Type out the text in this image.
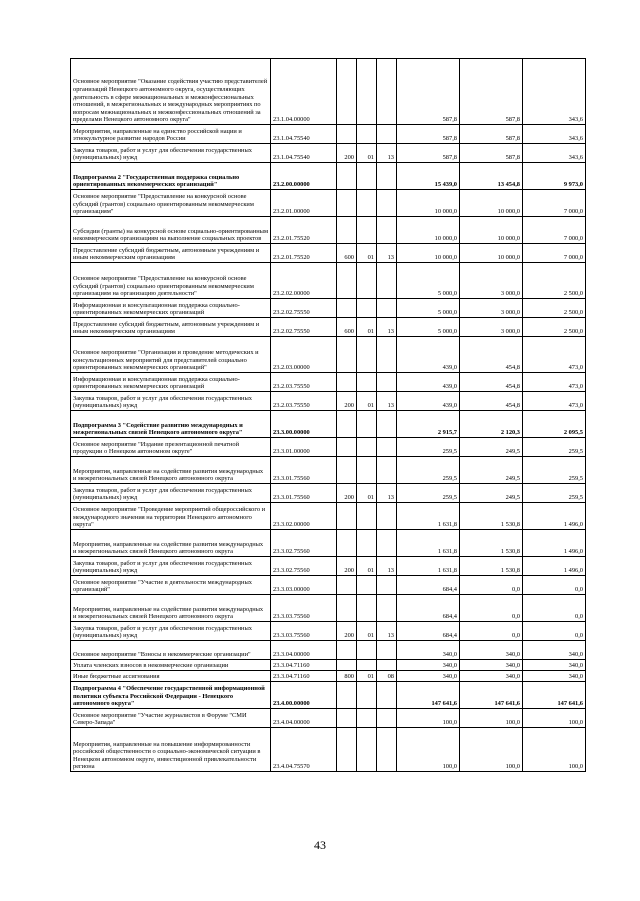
Основное мероприятие "Оказание содействия участию представителей организаций Ненецкого автономного округа, осуществляющих деятельность в сфере межнациональных и межконфессиональных отношений, в межрегиональных и международных мероприятиях по вопросам межнациональных и межконфессиональных отношений за пределами Ненецкого автономного округа"	23.1.04.00000				587,8	587,8	343,6
Мероприятия, направленные на единство российской нации и этнокультурное развитие народов России	23.1.04.75540				587,8	587,8	343,6
Закупка товаров, работ и услуг для обеспечения государственных (муниципальных) нужд	23.1.04.75540	200	01	13	587,8	587,8	343,6
Подпрограмма 2 "Государственная поддержка социально ориентированных некоммерческих организаций"	23.2.00.00000				15 439,0	13 454,8	9 973,0
Основное мероприятие "Предоставление на конкурсной основе субсидий (грантов) социально ориентированным некоммерческим организациям"	23.2.01.00000				10 000,0	10 000,0	7 000,0
Субсидии (гранты) на конкурсной основе социально-ориентированным некоммерческим организациям на выполнение социальных проектов	23.2.01.75520				10 000,0	10 000,0	7 000,0
Предоставление субсидий бюджетным, автономным учреждениям и иным некоммерческим организациям	23.2.01.75520	600	01	13	10 000,0	10 000,0	7 000,0
Основное мероприятие "Предоставление на конкурсной основе субсидий (грантов) социально ориентированным некоммерческим организациям на организацию деятельности"	23.2.02.00000				5 000,0	3 000,0	2 500,0
Информационная и консультационная поддержка социально-ориентированных некоммерческих организаций	23.2.02.75550				5 000,0	3 000,0	2 500,0
Предоставление субсидий бюджетным, автономным учреждениям и иным некоммерческим организациям	23.2.02.75550	600	01	13	5 000,0	3 000,0	2 500,0
Основное мероприятие "Организация и проведение методических и консультационных мероприятий для представителей социально ориентированных некоммерческих организаций"	23.2.03.00000				439,0	454,8	473,0
Информационная и консультационная поддержка социально-ориентированных некоммерческих организаций	23.2.03.75550				439,0	454,8	473,0
Закупка товаров, работ и услуг для обеспечения государственных (муниципальных) нужд	23.2.03.75550	200	01	13	439,0	454,8	473,0
Подпрограмма 3 "Содействие развитию международных и межрегиональных связей Ненецкого автономного округа"	23.3.00.00000				2 915,7	2 120,3	2 095,5
Основное мероприятие "Издание презентационной печатной продукции о Ненецком автономном округе"	23.3.01.00000				259,5	249,5	259,5
Мероприятия, направленные на содействие развития международных и межрегиональных связей Ненецкого автономного округа	23.3.01.75560				259,5	249,5	259,5
Закупка товаров, работ и услуг для обеспечения государственных (муниципальных) нужд	23.3.01.75560	200	01	13	259,5	249,5	259,5
Основное мероприятие "Проведение мероприятий общероссийского и международного значения на территории Ненецкого автономного округа"	23.3.02.00000				1 631,8	1 530,8	1 496,0
Мероприятия, направленные на содействие развития международных и межрегиональных связей Ненецкого автономного округа	23.3.02.75560				1 631,8	1 530,8	1 496,0
Закупка товаров, работ и услуг для обеспечения государственных (муниципальных) нужд	23.3.02.75560	200	01	13	1 631,8	1 530,8	1 496,0
Основное мероприятие "Участие в деятельности международных организаций"	23.3.03.00000				684,4	0,0	0,0
Мероприятия, направленные на содействие развития международных и межрегиональных связей Ненецкого автономного округа	23.3.03.75560				684,4	0,0	0,0
Закупка товаров, работ и услуг для обеспечения государственных (муниципальных) нужд	23.3.03.75560	200	01	13	684,4	0,0	0,0
Основное мероприятие "Взносы в некоммерческие организации"	23.3.04.00000				340,0	340,0	340,0
Уплата членских взносов в некоммерческие организации	23.3.04.71160				340,0	340,0	340,0
Иные бюджетные ассигнования	23.3.04.71160	800	01	08	340,0	340,0	340,0
Подпрограмма 4 "Обеспечение государственной информационной политики субъекта Российской Федерации - Ненецкого автономного округа"	23.4.00.00000				147 641,6	147 641,6	147 641,6
Основное мероприятие "Участие журналистов в Форуме "СМИ Северо-Запада"	23.4.04.00000				100,0	100,0	100,0
Мероприятия, направленные на повышение информированности российской общественности о социально-экономической ситуации в Ненецком автономном округе, инвестиционной привлекательности региона	23.4.04.75570				100,0	100,0	100,0
43
